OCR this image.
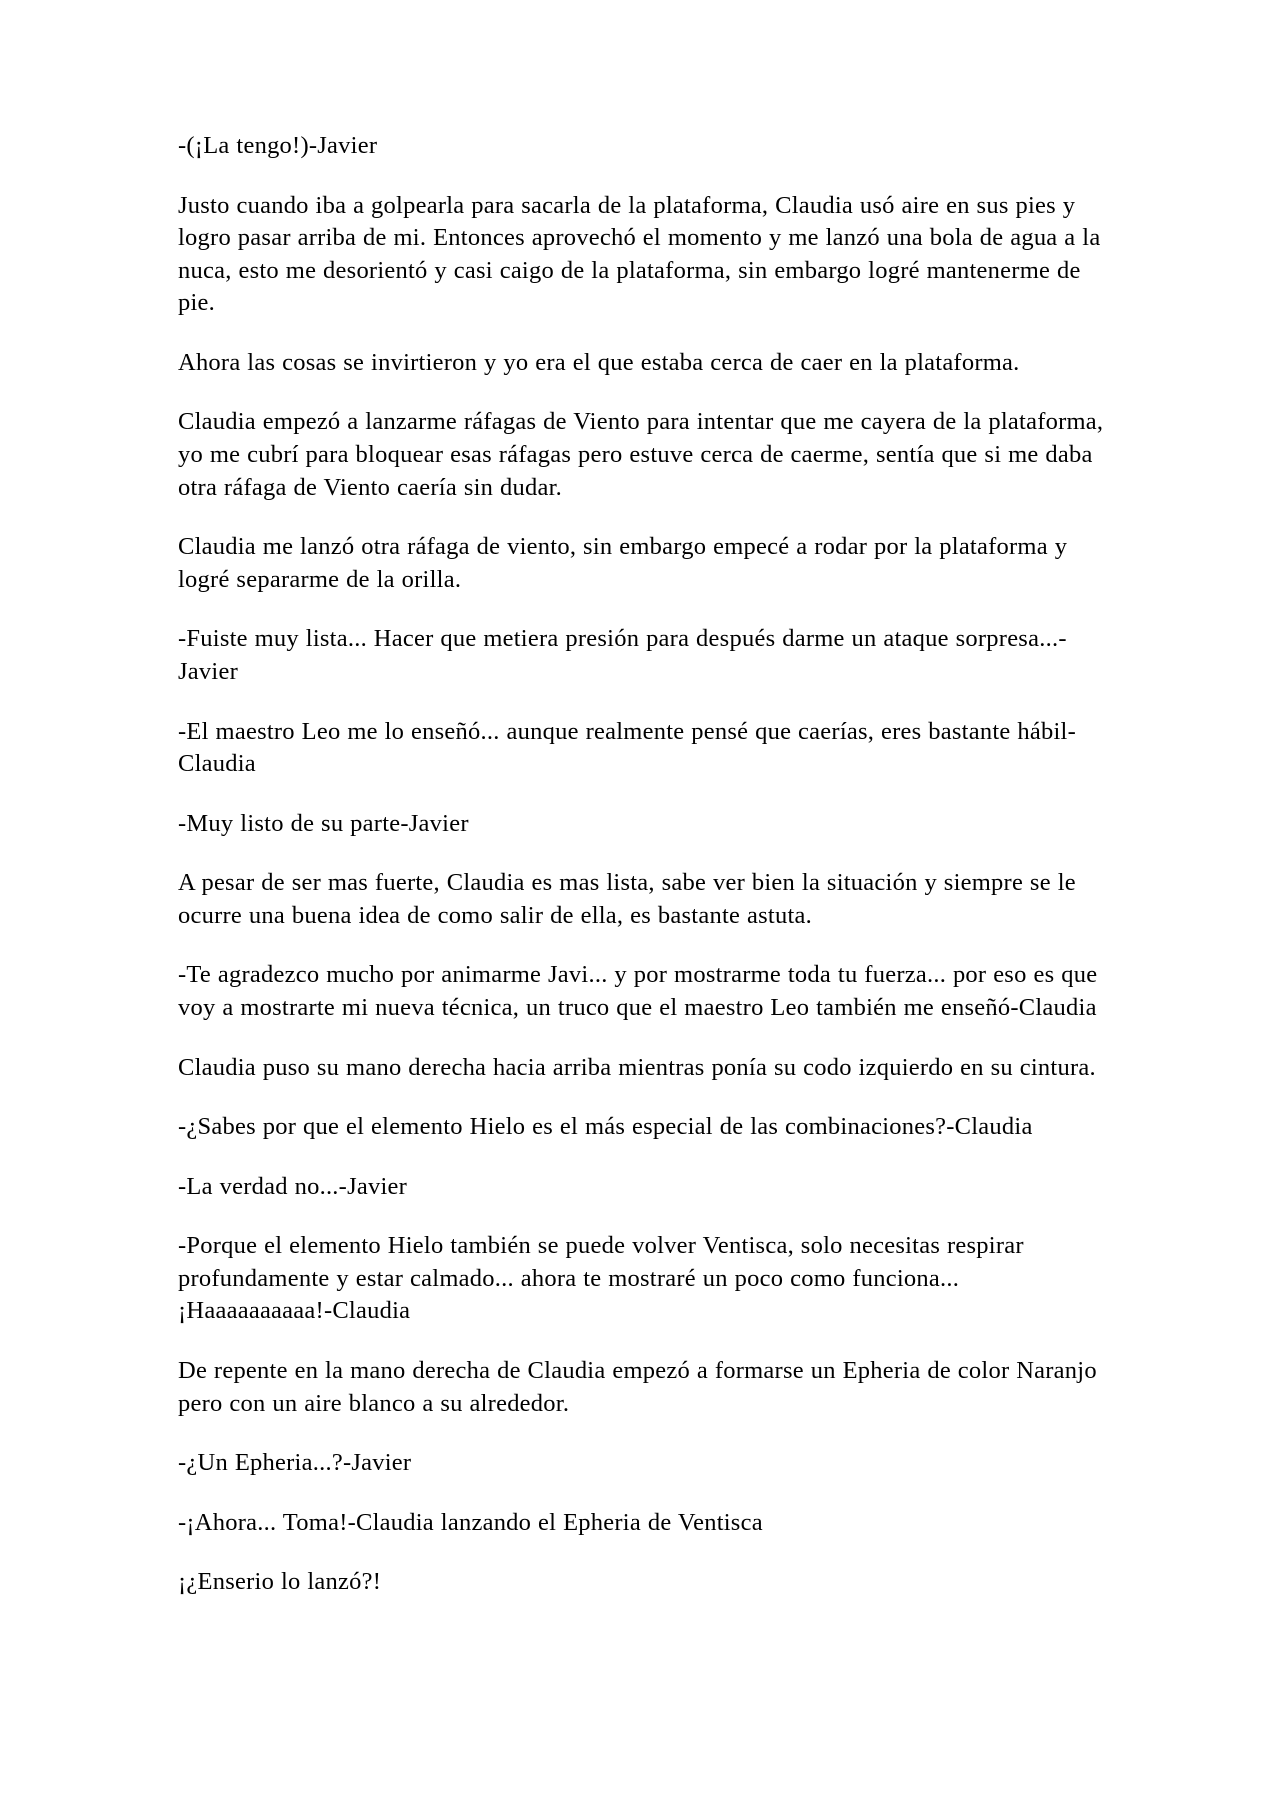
-(¡La tengo!)-Javier

Justo cuando iba a golpearla para sacarla de la plataforma, Claudia usó aire en sus pies y logro pasar arriba de mi. Entonces aprovechó el momento y me lanzó una bola de agua a la nuca, esto me desorientó y casi caigo de la plataforma, sin embargo logré mantenerme de pie.

Ahora las cosas se invirtieron y yo era el que estaba cerca de caer en la plataforma.

Claudia empezó a lanzarme ráfagas de Viento para intentar que me cayera de la plataforma, yo me cubrí para bloquear esas ráfagas pero estuve cerca de caerme, sentía que si me daba otra ráfaga de Viento caería sin dudar.

Claudia me lanzó otra ráfaga de viento, sin embargo empecé a rodar por la plataforma y logré separarme de la orilla.

-Fuiste muy lista... Hacer que metiera presión para después darme un ataque sorpresa...-Javier

-El maestro Leo me lo enseñó... aunque realmente pensé que caerías, eres bastante hábil-Claudia

-Muy listo de su parte-Javier

A pesar de ser mas fuerte, Claudia es mas lista, sabe ver bien la situación y siempre se le ocurre una buena idea de como salir de ella, es bastante astuta.

-Te agradezco mucho por animarme Javi... y por mostrarme toda tu fuerza... por eso es que voy a mostrarte mi nueva técnica, un truco que el maestro Leo también me enseñó-Claudia

Claudia puso su mano derecha hacia arriba mientras ponía su codo izquierdo en su cintura.

-¿Sabes por que el elemento Hielo es el más especial de las combinaciones?-Claudia

-La verdad no...-Javier

-Porque el elemento Hielo también se puede volver Ventisca, solo necesitas respirar profundamente y estar calmado... ahora te mostraré un poco como funciona... ¡Haaaaaaaaaa!-Claudia

De repente en la mano derecha de Claudia empezó a formarse un Epheria de color Naranjo pero con un aire blanco a su alrededor.

-¿Un Epheria...?-Javier

-¡Ahora... Toma!-Claudia lanzando el Epheria de Ventisca

¡¿Enserio lo lanzó?!
